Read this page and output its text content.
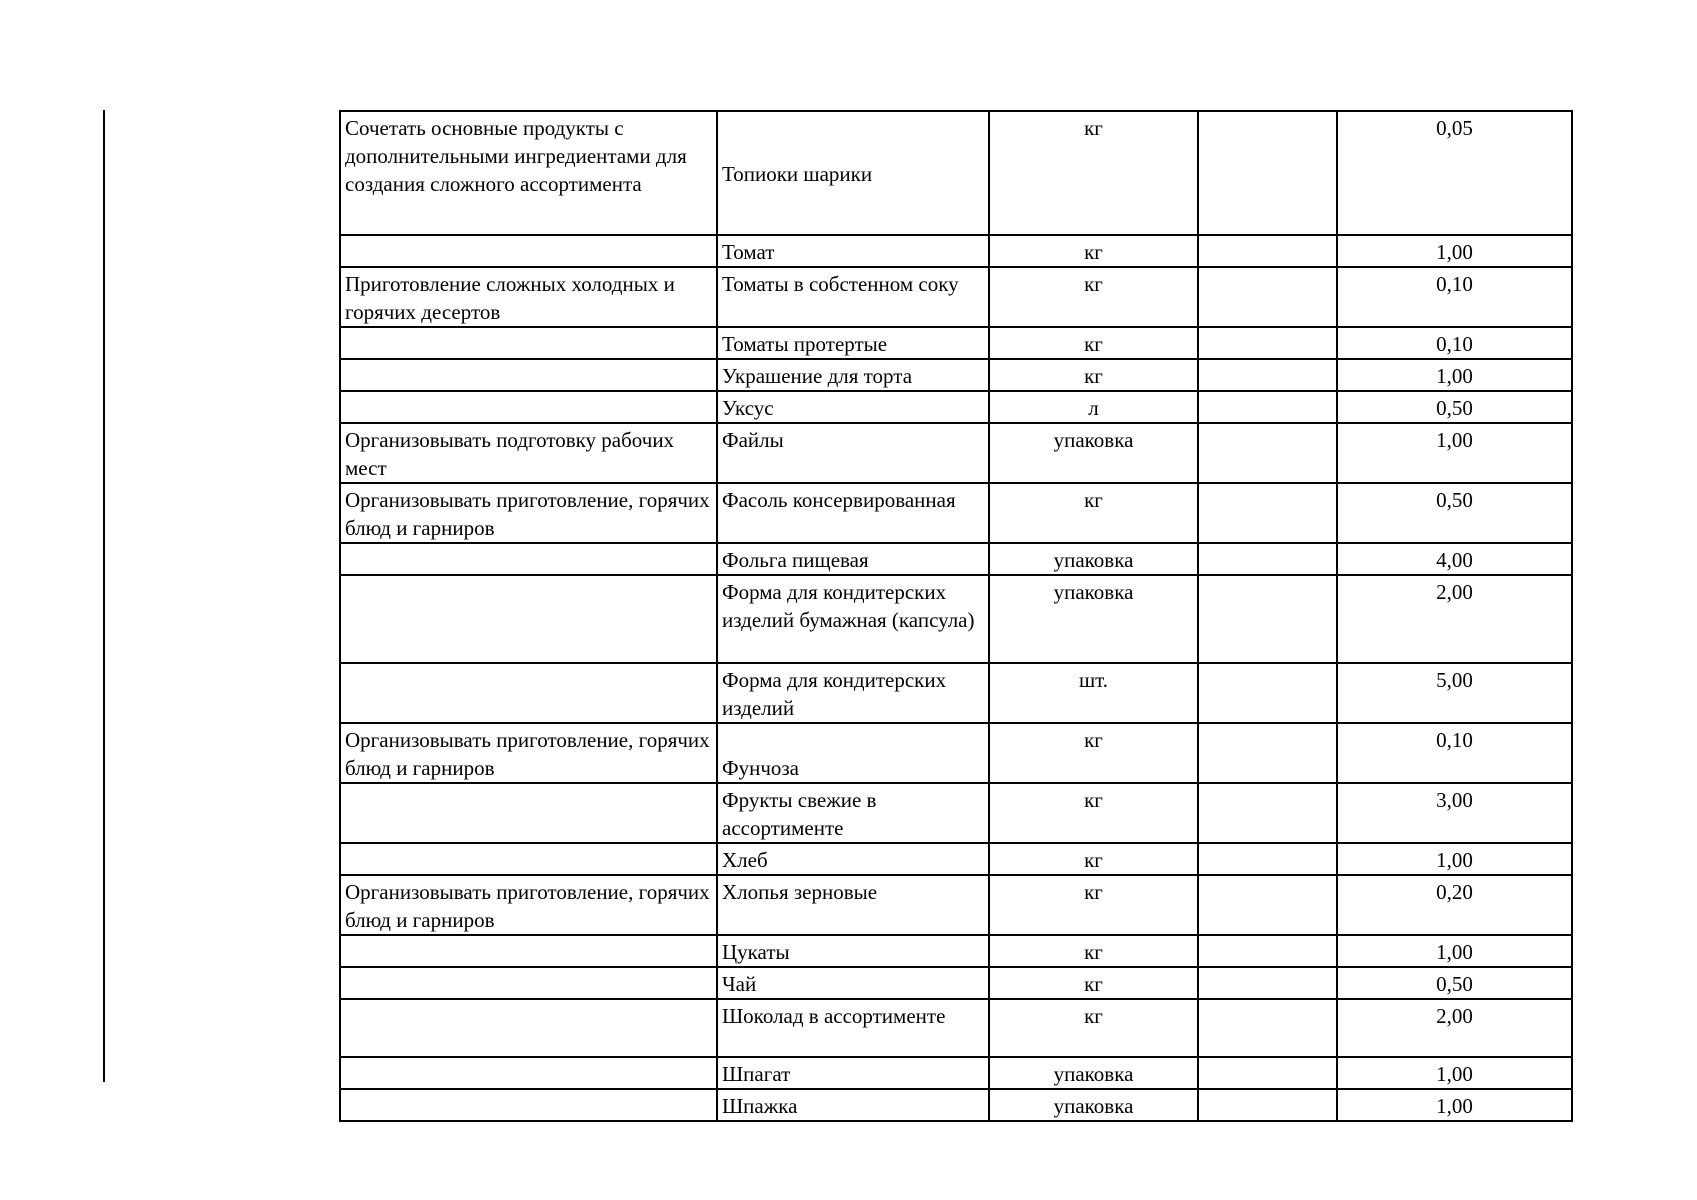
Сочетать основные продукты с дополнительными ингредиентами для создания сложного ассортимента	Топиоки шарики	кг		0,05
	Томат	кг		1,00
Приготовление сложных холодных и горячих десертов	Томаты в собстенном соку	кг		0,10
	Томаты протертые	кг		0,10
	Украшение для торта	кг		1,00
	Уксус	л		0,50
Организовывать подготовку рабочих мест	Файлы	упаковка		1,00
Организовывать приготовление, горячих блюд и гарниров	Фасоль консервированная	кг		0,50
	Фольга пищевая	упаковка		4,00
	Форма для кондитерских изделий бумажная (капсула)	упаковка		2,00
	Форма для кондитерских изделий	шт.		5,00
Организовывать приготовление, горячих блюд и гарниров	Фунчоза	кг		0,10
	Фрукты свежие в ассортименте	кг		3,00
	Хлеб	кг		1,00
Организовывать приготовление, горячих блюд и гарниров	Хлопья зерновые	кг		0,20
	Цукаты	кг		1,00
	Чай	кг		0,50
	Шоколад в ассортименте	кг		2,00
	Шпагат	упаковка		1,00
	Шпажка	упаковка		1,00
